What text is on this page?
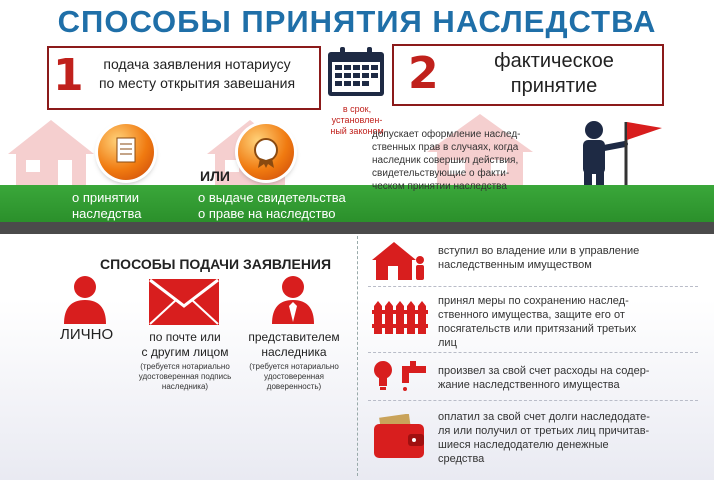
СПОСОБЫ ПРИНЯТИЯ НАСЛЕДСТВА
1	подача заявления нотариусу
по месту открытия завешания
в срок,
установлен-
ный законом
2	фактическое
принятие
ИЛИ
о принятии
наследства
о выдаче свидетельства
о праве на наследство
допускает оформление наслед-
ственных прав в случаях, когда
наследник совершил действия,
свидетельствующие о факти-
ческом принятии наследства
СПОСОБЫ ПОДАЧИ ЗАЯВЛЕНИЯ
ЛИЧНО	по почте или
с другим лицом
(требуется нотариально
удостоверенная подпись
наследника)
представителем
наследника
(требуется нотариально
удостоверенная
доверенность)
вступил во владение или в управление
наследственным имуществом
принял меры по сохранению наслед-
ственного имущества, защите его от
посягательств или притязаний третьих
лиц
произвел за свой счет расходы на содер-
жание наследственного имущества
оплатил за свой счет долги наследодате-
ля или получил от третьих лиц причитав-
шиеся наследодателю денежные
средства
